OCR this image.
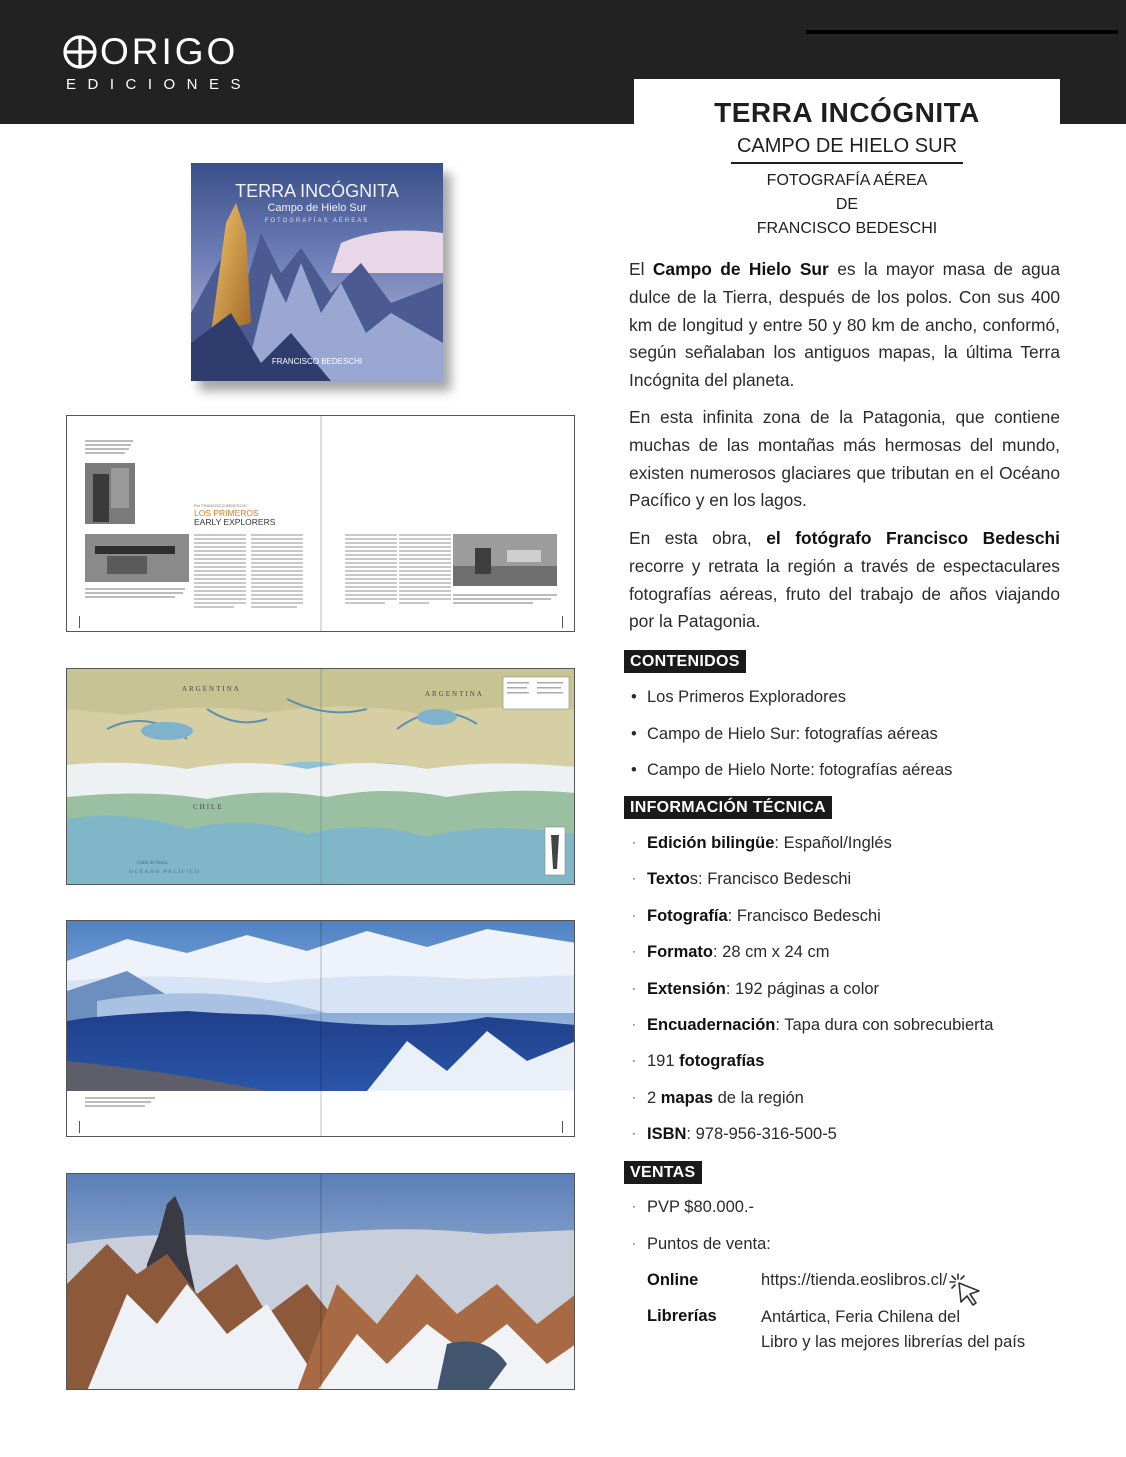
ORIGO
EDICIONES
TERRA INCÓGNITA
CAMPO DE HIELO SUR
FOTOGRAFÍA AÉREA
DE
FRANCISCO BEDESCHI
TERRA INCÓGNITA
Campo de Hielo Sur
FOTOGRAFÍAS AÉREAS
FRANCISCO BEDESCHI
Por FRANCISCO BEDESCHI
LOS PRIMEROS
EARLY EXPLORERS
ARGENTINA
ARGENTINA
CHILE
Golfo de Penas
OCÉANO PACÍFICO

El Campo de Hielo Sur es la mayor masa de agua dulce de la Tierra, después de los polos. Con sus 400 km de longitud y entre 50 y 80 km de ancho, conformó, según señalaban los antiguos mapas, la última Terra Incógnita del planeta.

En esta infinita zona de la Patagonia, que contiene muchas de las montañas más hermosas del mundo, existen numerosos glaciares que tributan en el Océano Pacífico y en los lagos.

En esta obra, el fotógrafo Francisco Bedeschi recorre y retrata la región a través de espectaculares fotografías aéreas, fruto del trabajo de años viajando por la Patagonia.

CONTENIDOS
• Los Primeros Exploradores
• Campo de Hielo Sur: fotografías aéreas
• Campo de Hielo Norte: fotografías aéreas
INFORMACIÓN TÉCNICA
· Edición bilingüe: Español/Inglés
· Textos: Francisco Bedeschi
· Fotografía: Francisco Bedeschi
· Formato: 28 cm x 24 cm
· Extensión: 192 páginas a color
· Encuadernación: Tapa dura con sobrecubierta
· 191 fotografías
· 2 mapas de la región
· ISBN: 978-956-316-500-5
VENTAS
· PVP $80.000.-
· Puntos de venta:
Online	https://tienda.eoslibros.cl/
Librerías	Antártica, Feria Chilena del
Libro y las mejores librerías del país
